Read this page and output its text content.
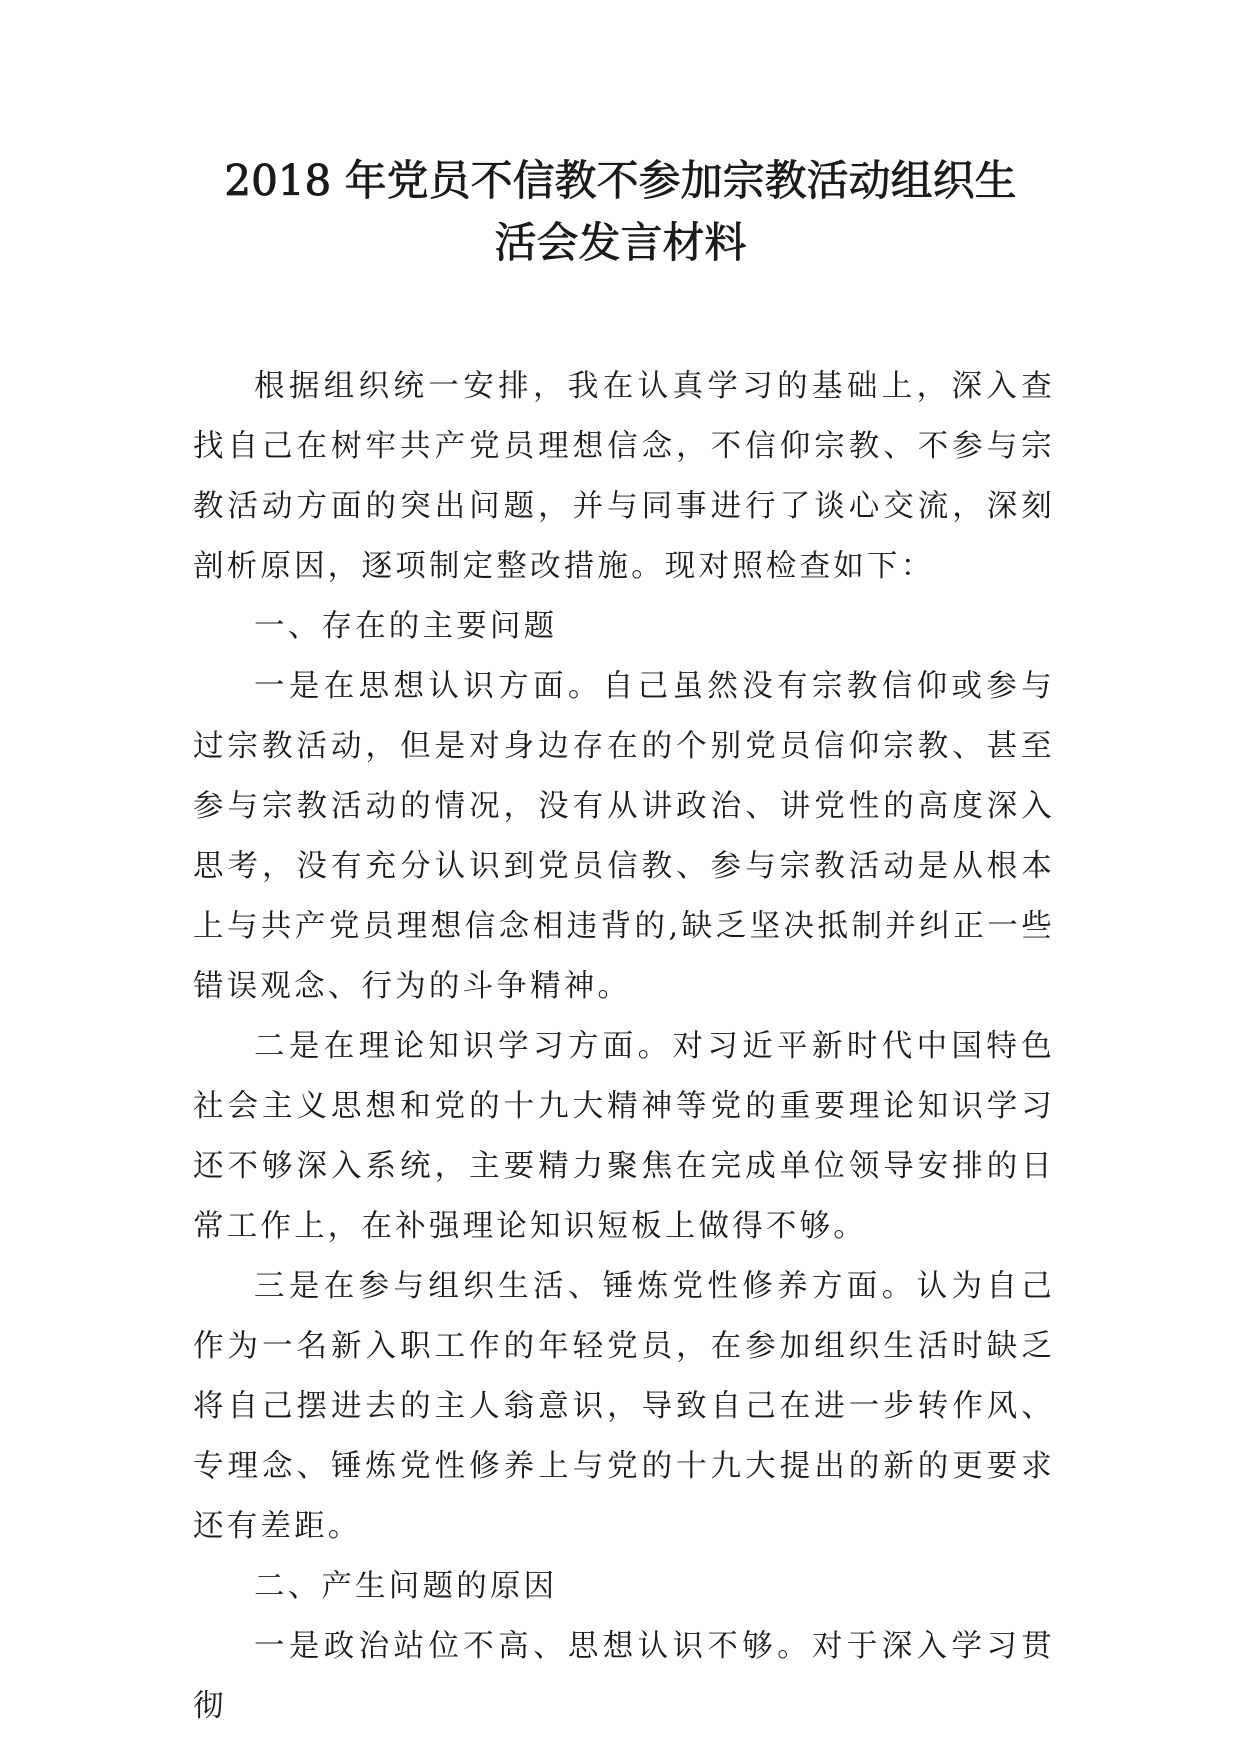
2018 年党员不信教不参加宗教活动组织生
活会发言材料

根据组织统一安排，我在认真学习的基础上，深入查找自己在树牢共产党员理想信念，不信仰宗教、不参与宗教活动方面的突出问题，并与同事进行了谈心交流，深刻剖析原因，逐项制定整改措施。现对照检查如下：

一、存在的主要问题

一是在思想认识方面。自己虽然没有宗教信仰或参与过宗教活动，但是对身边存在的个别党员信仰宗教、甚至参与宗教活动的情况，没有从讲政治、讲党性的高度深入思考，没有充分认识到党员信教、参与宗教活动是从根本上与共产党员理想信念相违背的,缺乏坚决抵制并纠正一些错误观念、行为的斗争精神。

二是在理论知识学习方面。对习近平新时代中国特色社会主义思想和党的十九大精神等党的重要理论知识学习还不够深入系统，主要精力聚焦在完成单位领导安排的日常工作上，在补强理论知识短板上做得不够。

三是在参与组织生活、锤炼党性修养方面。认为自己作为一名新入职工作的年轻党员，在参加组织生活时缺乏将自己摆进去的主人翁意识，导致自己在进一步转作风、专理念、锤炼党性修养上与党的十九大提出的新的更要求还有差距。

二、产生问题的原因

一是政治站位不高、思想认识不够。对于深入学习贯彻
